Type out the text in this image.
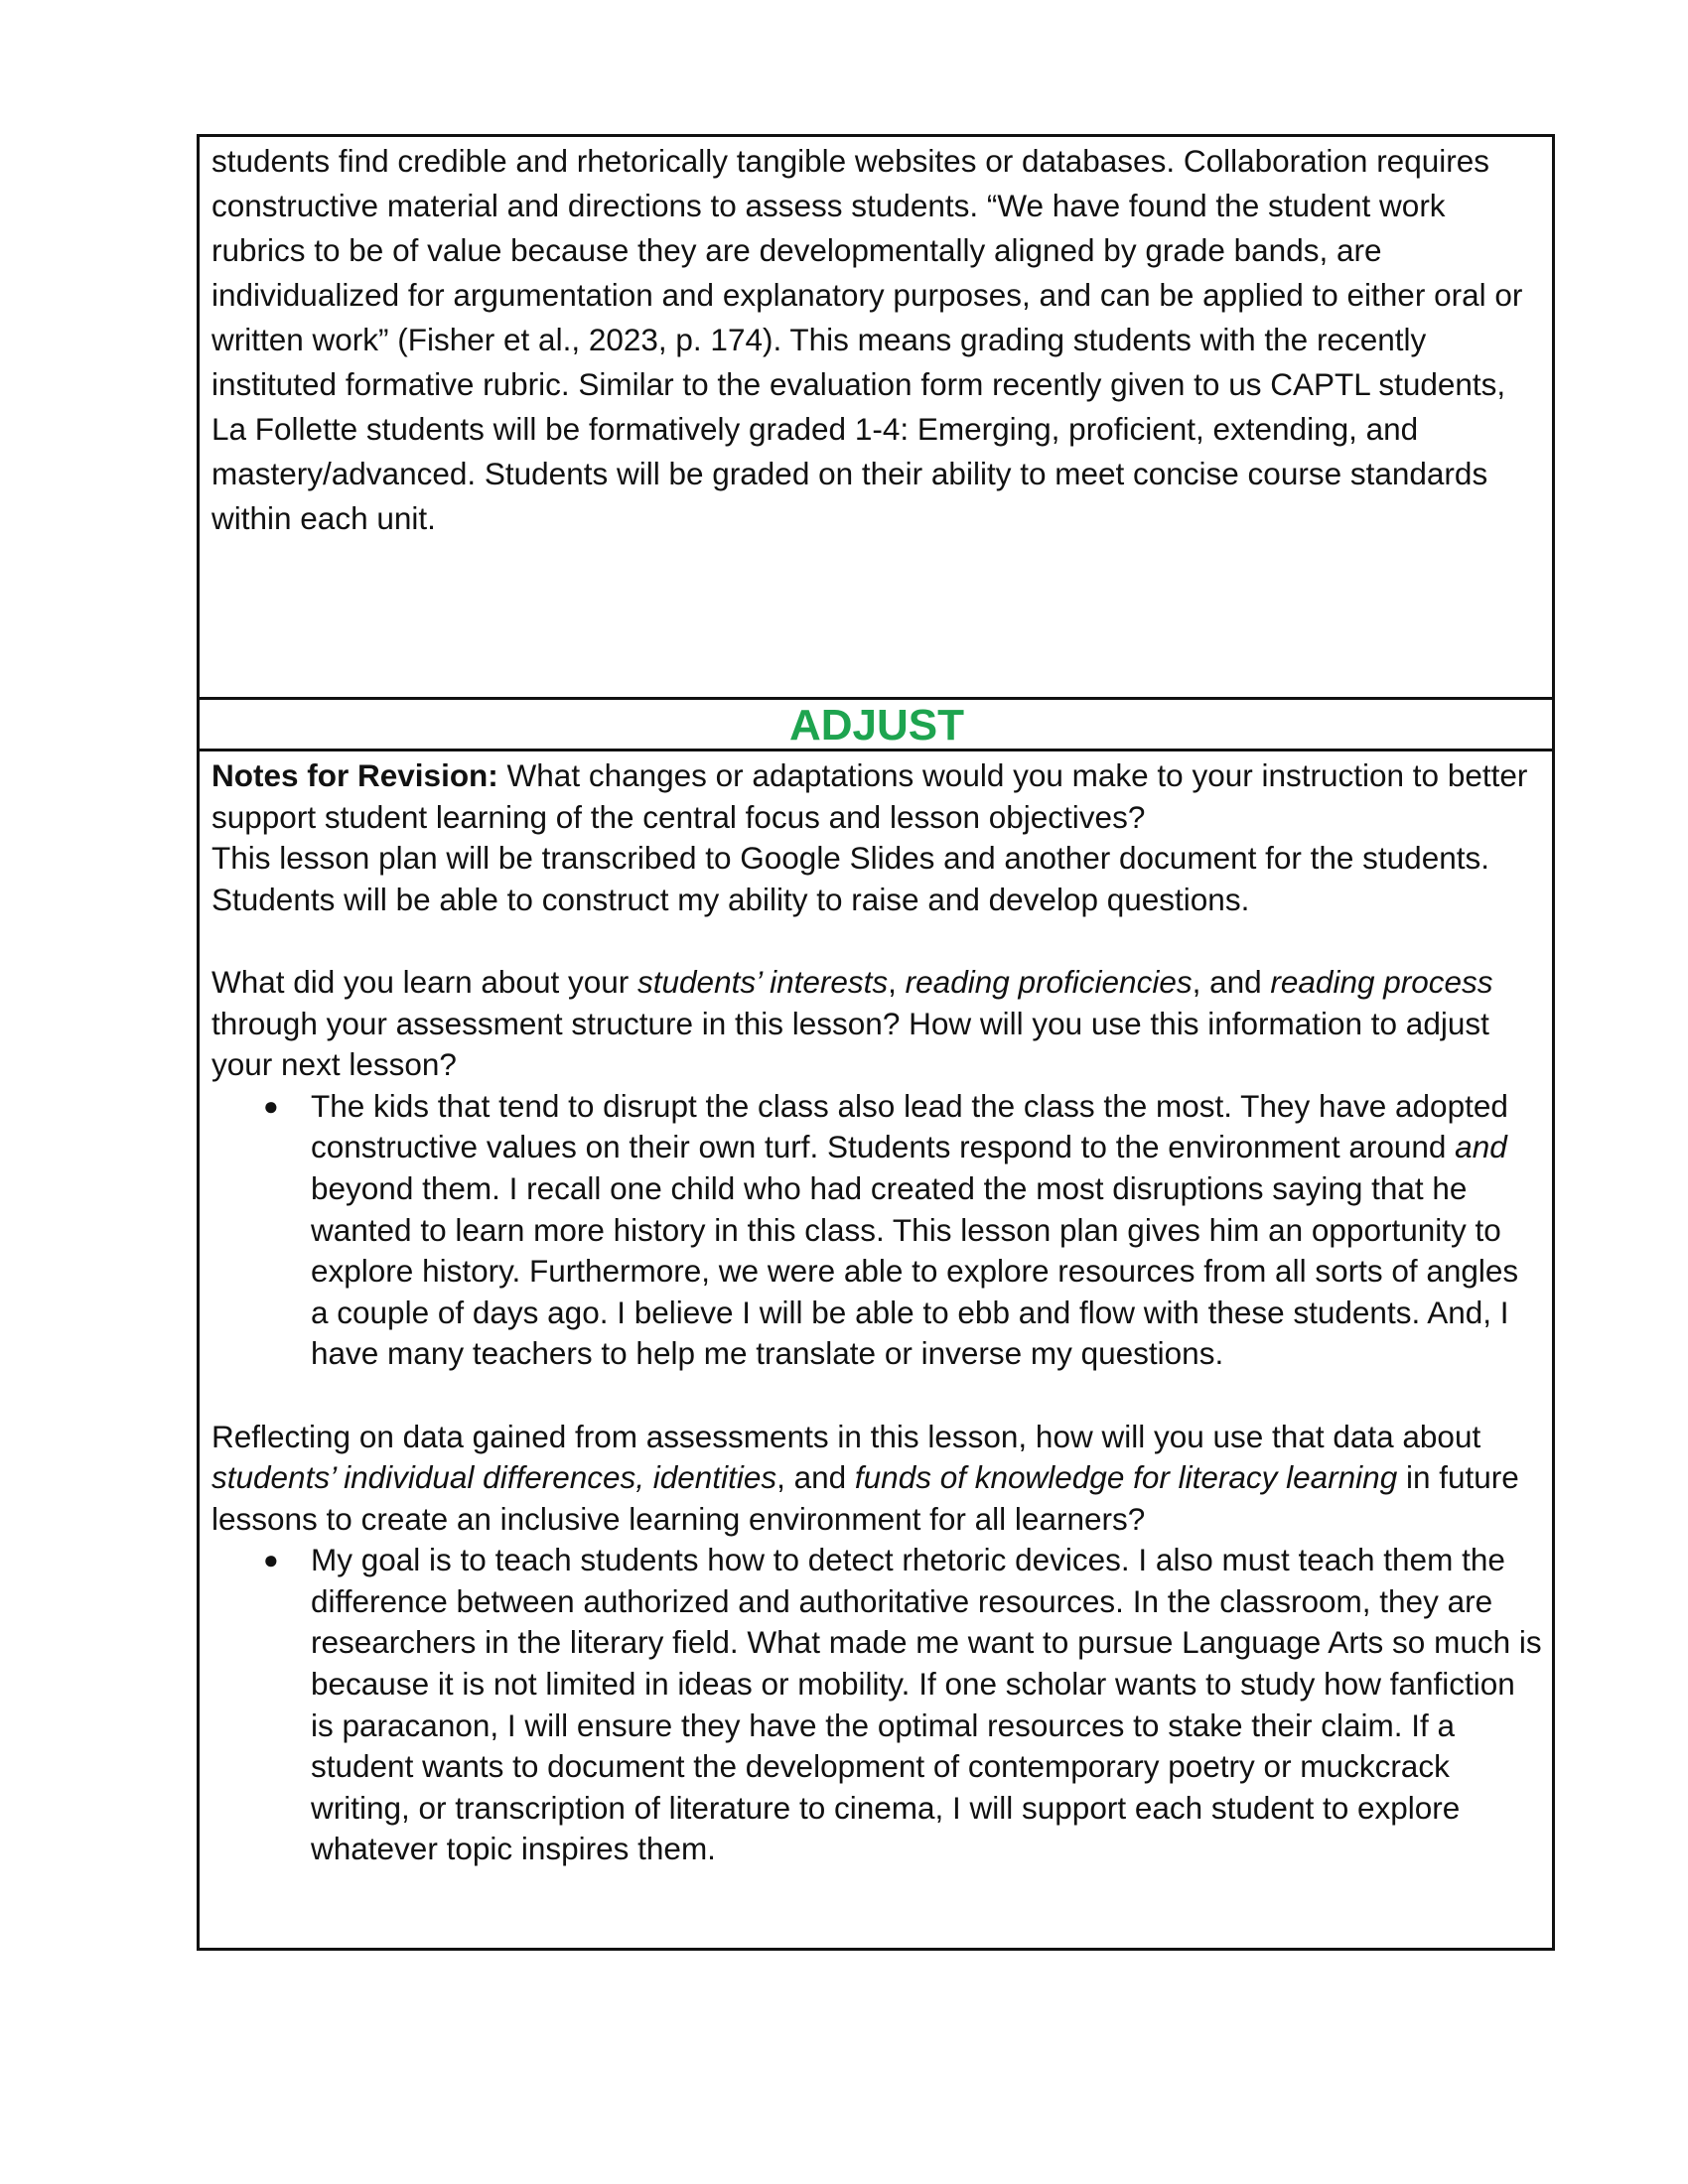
students find credible and rhetorically tangible websites or databases. Collaboration requires constructive material and directions to assess students. “We have found the student work rubrics to be of value because they are developmentally aligned by grade bands, are individualized for argumentation and explanatory purposes, and can be applied to either oral or written work” (Fisher et al., 2023, p. 174). This means grading students with the recently instituted formative rubric. Similar to the evaluation form recently given to us CAPTL students, La Follette students will be formatively graded 1-4: Emerging, proficient, extending, and mastery/advanced. Students will be graded on their ability to meet concise course standards within each unit.

ADJUST

Notes for Revision: What changes or adaptations would you make to your instruction to better support student learning of the central focus and lesson objectives?

This lesson plan will be transcribed to Google Slides and another document for the students. Students will be able to construct my ability to raise and develop questions.

What did you learn about your students’ interests, reading proficiencies, and reading process through your assessment structure in this lesson? How will you use this information to adjust your next lesson?

● The kids that tend to disrupt the class also lead the class the most. They have adopted constructive values on their own turf. Students respond to the environment around and beyond them. I recall one child who had created the most disruptions saying that he wanted to learn more history in this class. This lesson plan gives him an opportunity to explore history. Furthermore, we were able to explore resources from all sorts of angles a couple of days ago. I believe I will be able to ebb and flow with these students. And, I have many teachers to help me translate or inverse my questions.

Reflecting on data gained from assessments in this lesson, how will you use that data about students’ individual differences, identities, and funds of knowledge for literacy learning in future lessons to create an inclusive learning environment for all learners?

● My goal is to teach students how to detect rhetoric devices. I also must teach them the difference between authorized and authoritative resources. In the classroom, they are researchers in the literary field. What made me want to pursue Language Arts so much is because it is not limited in ideas or mobility. If one scholar wants to study how fanfiction is paracanon, I will ensure they have the optimal resources to stake their claim. If a student wants to document the development of contemporary poetry or muckcrack writing, or transcription of literature to cinema, I will support each student to explore whatever topic inspires them.
